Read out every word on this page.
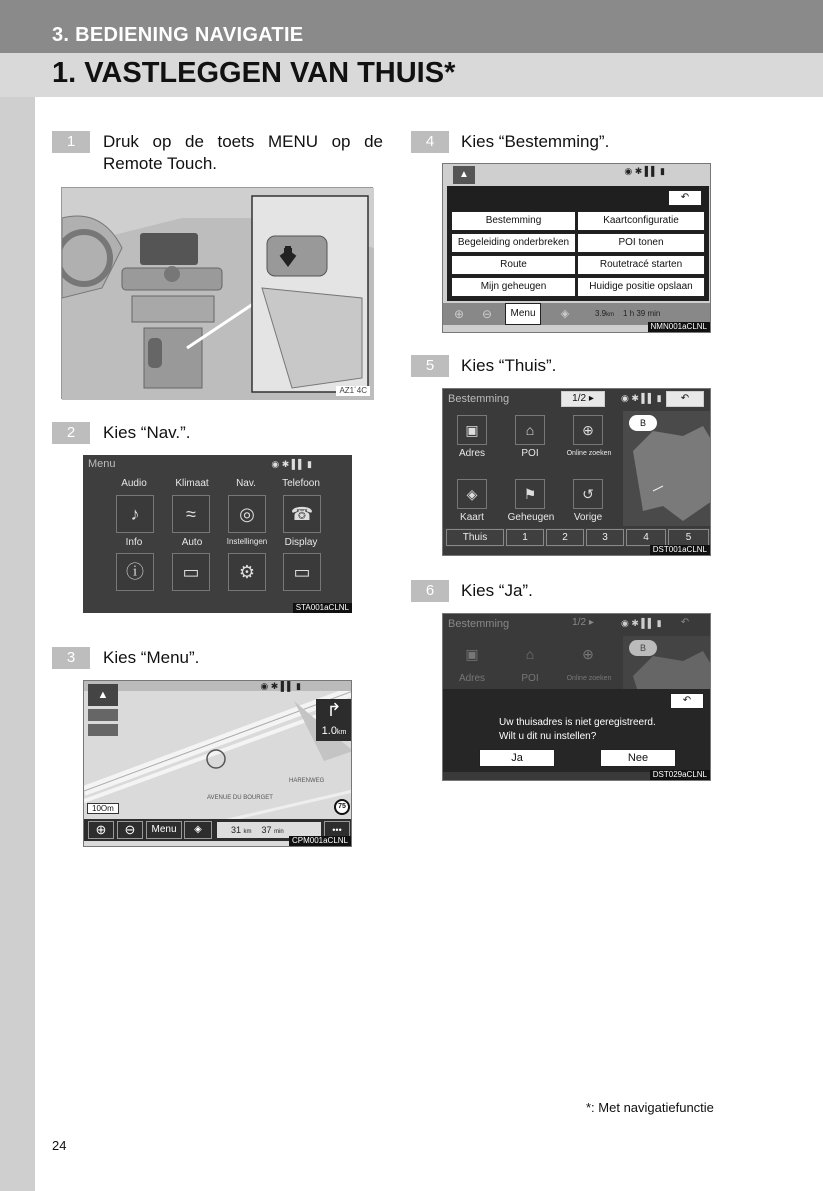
3. BEDIENING NAVIGATIE
1. VASTLEGGEN VAN THUIS*
1	Druk op de toets MENU op de
Remote Touch.
AZ1´4C
2	Kies “Nav.”.
Menu	◉ ✱ ▌▌ ▮
Audio	Klimaat	Nav.	Telefoon
♪	≈	◎	☎
Info	Auto	Instellingen	Display
ⓘ	▭	⚙	▭
STA001aCLNL
3	Kies “Menu”.
▲
◉ ✱ ▌▌ ▮
↱
1.0km
HARENWEG
AVENUE DU BOURGET
10Om	75
⊕	⊖	Menu	◈	31 km 37 min	•••
CPM001aCLNL
4	Kies “Bestemming”.
▲	◉ ✱ ▌▌ ▮
↶
Bestemming	Kaartconfiguratie
Begeleiding onderbreken	POI tonen
Route	Routetracé starten
Mijn geheugen	Huidige positie opslaan
⊕	⊖	Menu	◈	3.9km 1 h 39 min
NMN001aCLNL
5	Kies “Thuis”.
Bestemming	1/2 ▸	◉ ✱ ▌▌ ▮	↶
B
▣	⌂	⊕
Adres	POI	Online zoeken
◈	⚑	↺
Kaart	Geheugen	Vorige
Thuis	1	2	3	4	5
DST001aCLNL
6	Kies “Ja”.
Bestemming	1/2 ▸	◉ ✱ ▌▌ ▮	↶
B
▣	⌂	⊕
Adres	POI	Online zoeken
↶
Uw thuisadres is niet geregistreerd.
Wilt u dit nu instellen?
Ja	Nee
DST029aCLNL
*: Met navigatiefunctie
24
